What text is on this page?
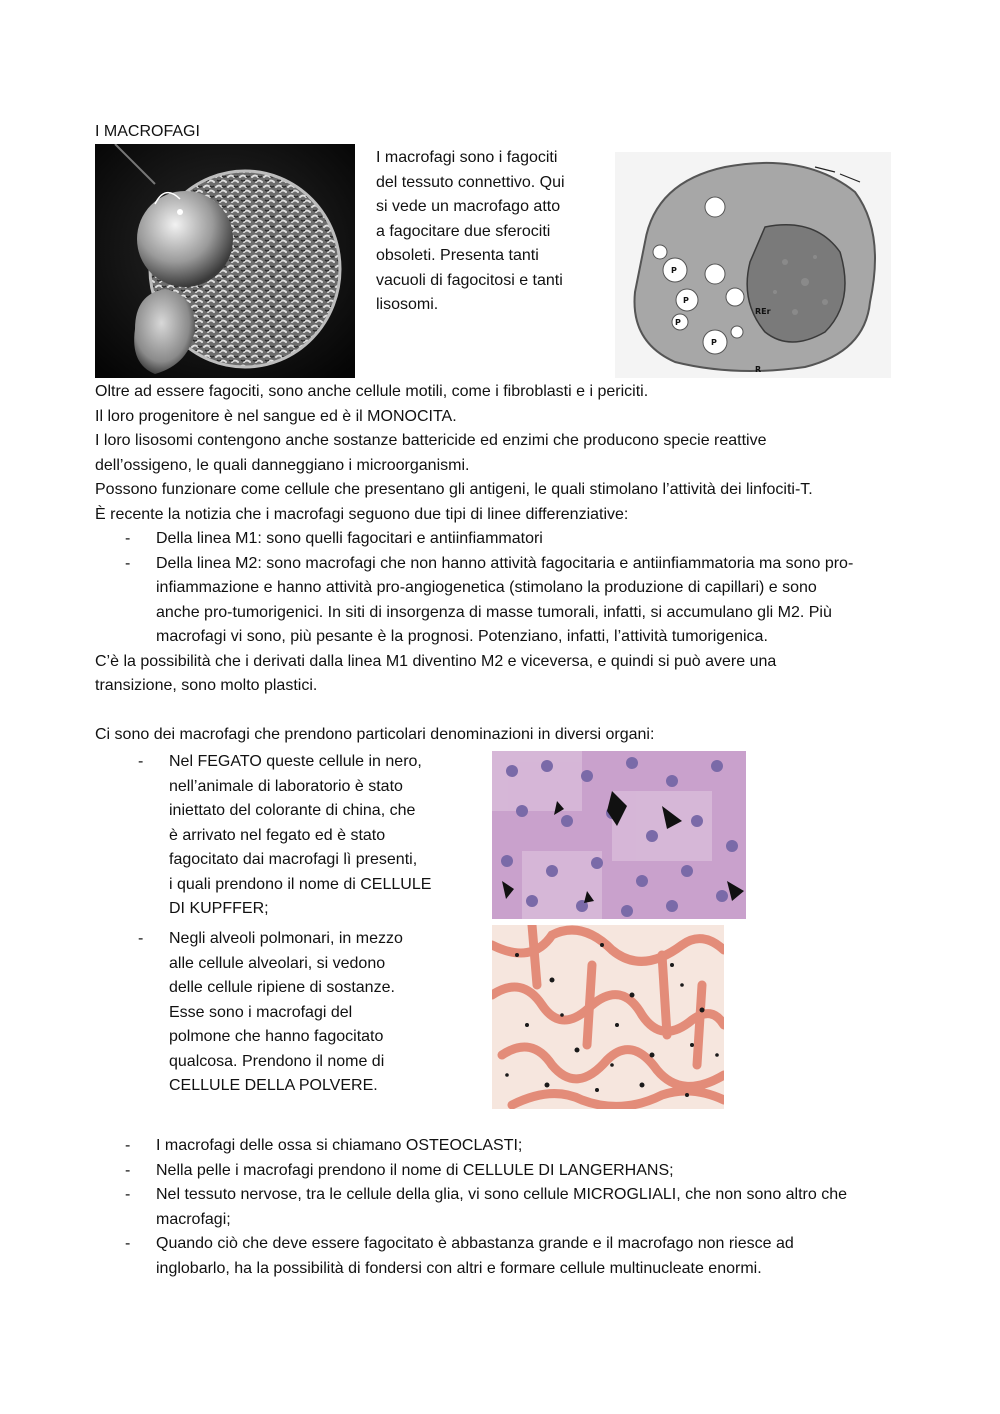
I MACROFAGI

I macrofagi sono i fagociti

del tessuto connettivo. Qui

si vede un macrofago atto

a fagocitare due sferociti

obsoleti. Presenta tanti

vacuoli di fagocitosi e tanti

lisosomi.

P
P
P
P
REr
R

Oltre ad essere fagociti, sono anche cellule motili, come i fibroblasti e i periciti.

Il loro progenitore è nel sangue ed è il MONOCITA.

I loro lisosomi contengono anche sostanze battericide ed enzimi che producono specie reattive

dell’ossigeno, le quali danneggiano i microorganismi.

Possono funzionare come cellule che presentano gli antigeni, le quali stimolano l’attività dei linfociti-T.

È recente la notizia che i macrofagi seguono due tipi di linee differenziative:

- Della linea M1: sono quelli fagocitari e antiinfiammatori

- Della linea M2: sono macrofagi che non hanno attività fagocitaria e antiinfiammatoria ma sono pro-

infiammazione e hanno attività pro-angiogenetica (stimolano la produzione di capillari) e sono

anche pro-tumorigenici. In siti di insorgenza di masse tumorali, infatti, si accumulano gli M2. Più

macrofagi vi sono, più pesante è la prognosi. Potenziano, infatti, l’attività tumorigenica.

C’è la possibilità che i derivati dalla linea M1 diventino M2 e viceversa, e quindi si può avere una

transizione, sono molto plastici.

Ci sono dei macrofagi che prendono particolari denominazioni in diversi organi:

-	Nel FEGATO queste cellule in nero,

nell’animale di laboratorio è stato

iniettato del colorante di china, che

è arrivato nel fegato ed è stato

fagocitato dai macrofagi lì presenti,

i quali prendono il nome di CELLULE

DI KUPFFER;

-	Negli alveoli polmonari, in mezzo

alle cellule alveolari, si vedono

delle cellule ripiene di sostanze.

Esse sono i macrofagi del

polmone che hanno fagocitato

qualcosa. Prendono il nome di

CELLULE DELLA POLVERE.

- I macrofagi delle ossa si chiamano OSTEOCLASTI;

- Nella pelle i macrofagi prendono il nome di CELLULE DI LANGERHANS;

- Nel tessuto nervose, tra le cellule della glia, vi sono cellule MICROGLIALI, che non sono altro che

macrofagi;

- Quando ciò che deve essere fagocitato è abbastanza grande e il macrofago non riesce ad

inglobarlo, ha la possibilità di fondersi con altri e formare cellule multinucleate enormi.
